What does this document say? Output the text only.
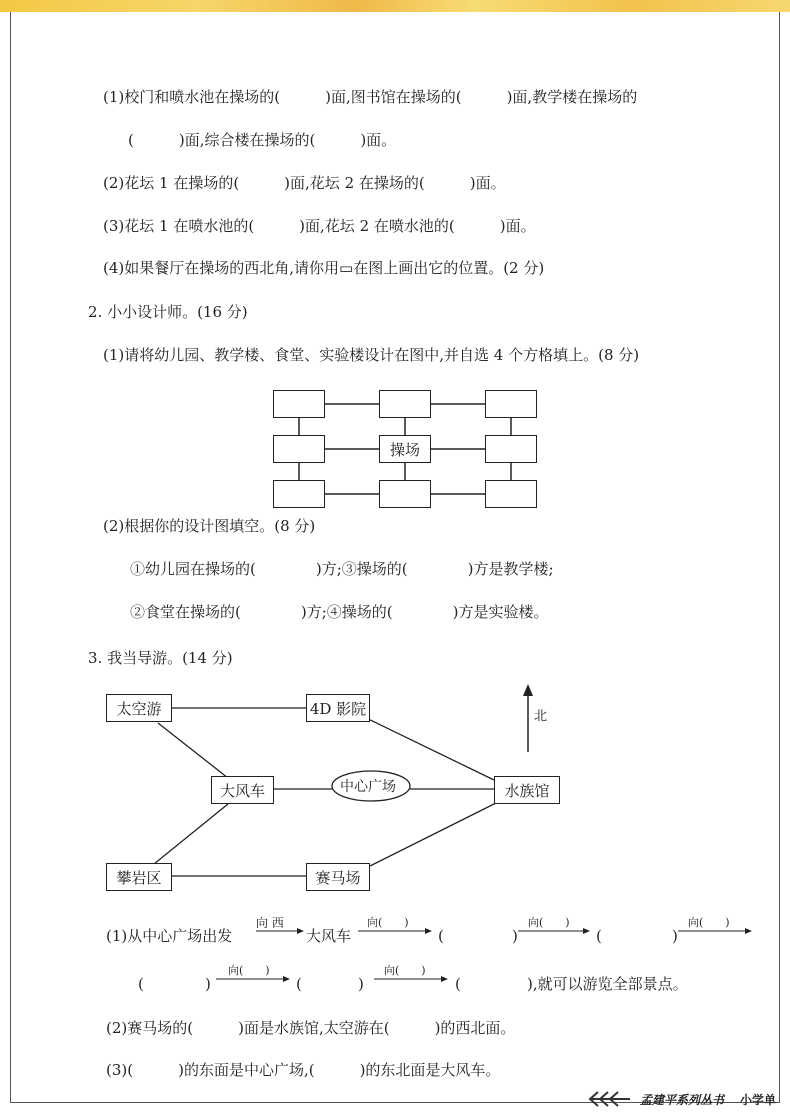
(1)校门和喷水池在操场的(　　　)面,图书馆在操场的(　　　)面,教学楼在操场的
(　　　)面,综合楼在操场的(　　　)面。
(2)花坛 1 在操场的(　　　)面,花坛 2 在操场的(　　　)面。
(3)花坛 1 在喷水池的(　　　)面,花坛 2 在喷水池的(　　　)面。
(4)如果餐厅在操场的西北角,请你用▭在图上画出它的位置。(2 分)
2. 小小设计师。(16 分)
(1)请将幼儿园、教学楼、食堂、实验楼设计在图中,并自选 4 个方格填上。(8 分)
操场
(2)根据你的设计图填空。(8 分)
①幼儿园在操场的(　　　　)方;③操场的(　　　　)方是教学楼;
②食堂在操场的(　　　　)方;④操场的(　　　　)方是实验楼。
3. 我当导游。(14 分)
太空游	4D 影院
大风车	中心广场	水族馆
攀岩区	赛马场
北
(1)从中心广场出发
向 西
大风车
向(　　)
(	)
向(　　)
(	)
向(　　)
(	)
向(　　)
(	)
向(　　)
(	),就可以游览全部景点。
(2)赛马场的(　　　)面是水族馆,太空游在(　　　)的西北面。
(3)(　　　)的东面是中心广场,(　　　)的东北面是大风车。
孟建平系列丛书 小学单
